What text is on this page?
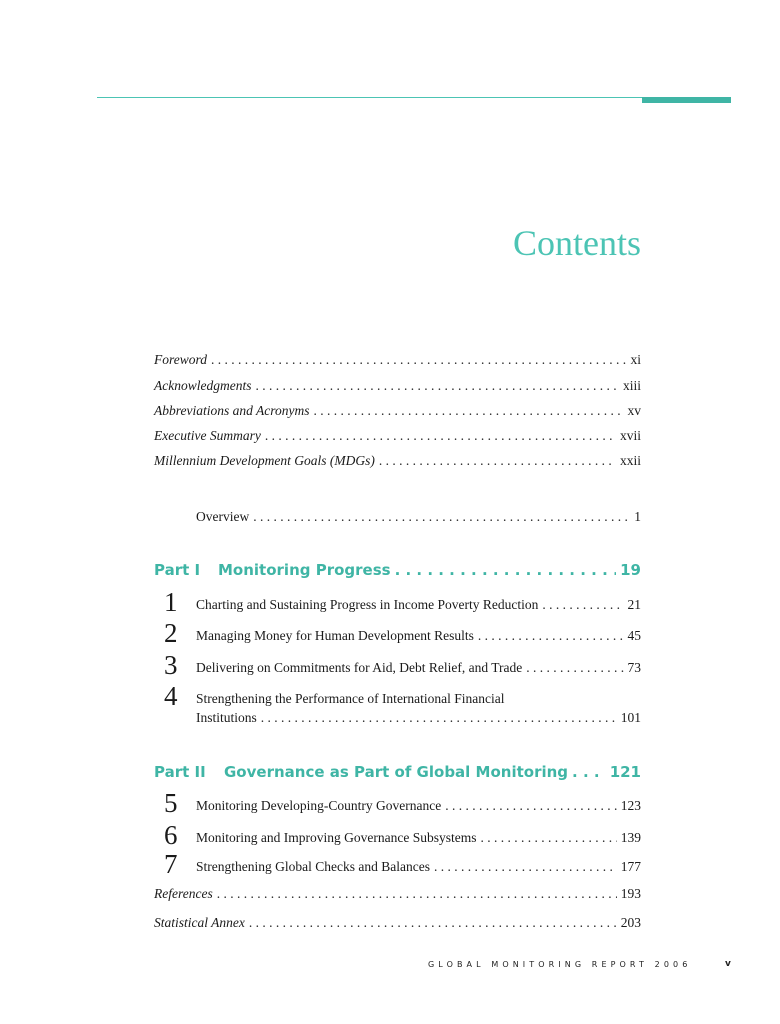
Contents
Foreword . . .	xi
Acknowledgments . . .	xiii
Abbreviations and Acronyms . . .	xv
Executive Summary . . .	xvii
Millennium Development Goals (MDGs) . . .	xxii
Overview . . .	1
Part I	Monitoring Progress . . .	19
1	Charting and Sustaining Progress in Income Poverty Reduction . . .	21
2	Managing Money for Human Development Results . . .	45
3	Delivering on Commitments for Aid, Debt Relief, and Trade . . .	73
4	Strengthening the Performance of International Financial
Institutions . . .	101
Part II	Governance as Part of Global Monitoring . . .	121
5	Monitoring Developing-Country Governance . . .	123
6	Monitoring and Improving Governance Subsystems . . .	139
7	Strengthening Global Checks and Balances . . .	177
References . . .	193
Statistical Annex . . .	203
GLOBAL MONITORING REPORT 2006	v
